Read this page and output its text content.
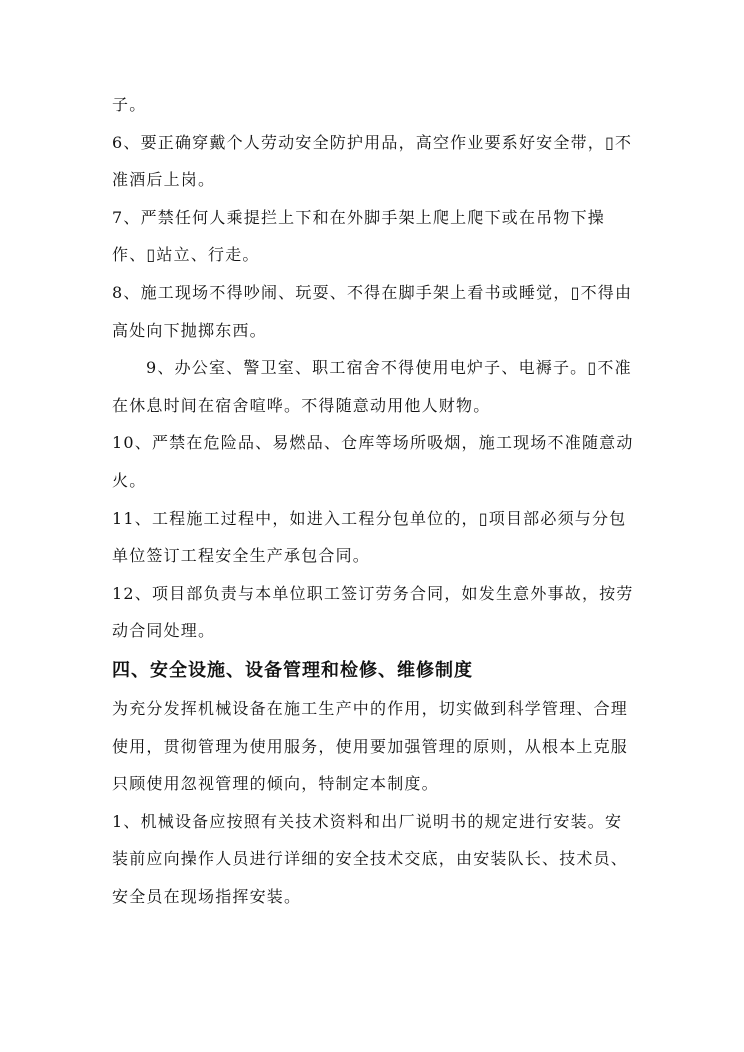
子。

6、要正确穿戴个人劳动安全防护用品，高空作业要系好安全带，▯不准酒后上岗。

7、严禁任何人乘提拦上下和在外脚手架上爬上爬下或在吊物下操作、▯站立、行走。

8、施工现场不得吵闹、玩耍、不得在脚手架上看书或睡觉，▯不得由高处向下抛掷东西。

9、办公室、警卫室、职工宿舍不得使用电炉子、电褥子。▯不准在休息时间在宿舍喧哗。不得随意动用他人财物。

10、严禁在危险品、易燃品、仓库等场所吸烟，施工现场不准随意动火。

11、工程施工过程中，如进入工程分包单位的，▯项目部必须与分包单位签订工程安全生产承包合同。

12、项目部负责与本单位职工签订劳务合同，如发生意外事故，按劳动合同处理。

四、安全设施、设备管理和检修、维修制度

为充分发挥机械设备在施工生产中的作用，切实做到科学管理、合理使用，贯彻管理为使用服务，使用要加强管理的原则，从根本上克服只顾使用忽视管理的倾向，特制定本制度。

1、机械设备应按照有关技术资料和出厂说明书的规定进行安装。安装前应向操作人员进行详细的安全技术交底，由安装队长、技术员、安全员在现场指挥安装。
